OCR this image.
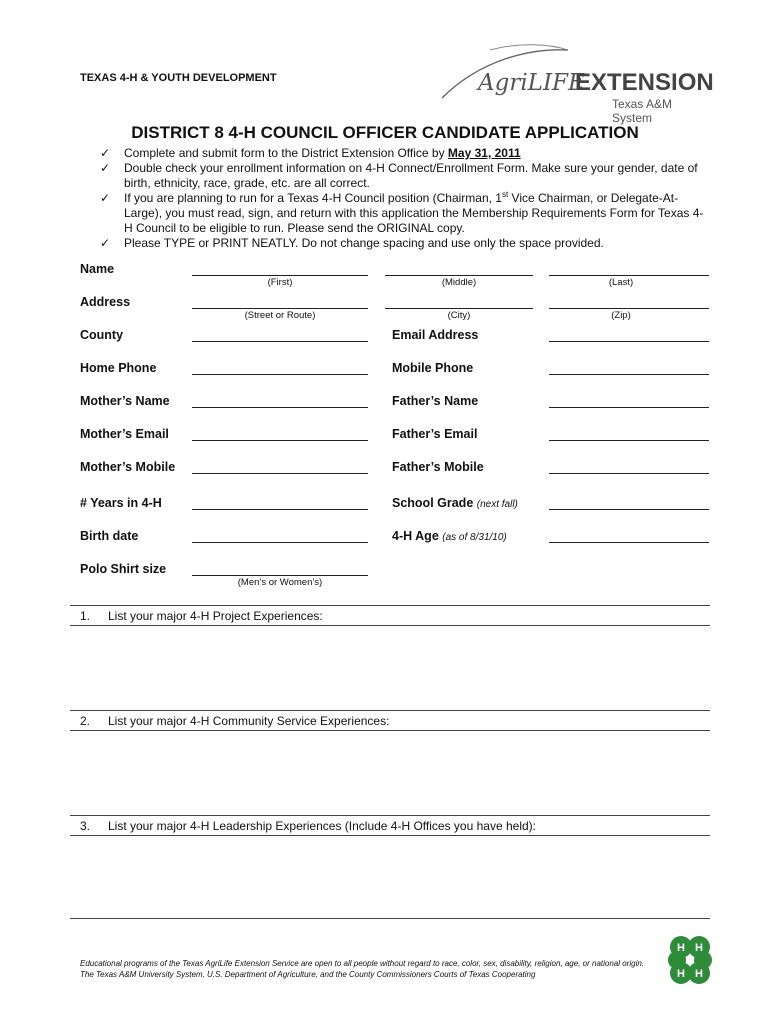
TEXAS 4-H & YOUTH DEVELOPMENT	AgriLIFE
EXTENSION
Texas A&M System
DISTRICT 8 4-H COUNCIL OFFICER CANDIDATE APPLICATION
✓ Complete and submit form to the District Extension Office by May 31, 2011
✓ Double check your enrollment information on 4-H Connect/Enrollment Form. Make sure your gender, date of birth, ethnicity, race, grade, etc. are all correct.
✓ If you are planning to run for a Texas 4-H Council position (Chairman, 1st Vice Chairman, or Delegate-At-Large), you must read, sign, and return with this application the Membership Requirements Form for Texas 4-H Council to be eligible to run. Please send the ORIGINAL copy.
✓ Please TYPE or PRINT NEATLY. Do not change spacing and use only the space provided.
Name
(First)	(Middle)	(Last)
Address
(Street or Route)	(City)	(Zip)
County	Email Address
Home Phone	Mobile Phone
Mother’s Name	Father’s Name
Mother’s Email	Father’s Email
Mother’s Mobile	Father’s Mobile
# Years in 4-H	School Grade (next fall)
Birth date	4-H Age (as of 8/31/10)
Polo Shirt size
(Men’s or Women’s)
1. List your major 4-H Project Experiences:
2. List your major 4-H Community Service Experiences:
3. List your major 4-H Leadership Experiences (Include 4-H Offices you have held):
Educational programs of the Texas AgriLife Extension Service are open to all people without regard to race, color, sex, disability, religion, age, or national origin.
The Texas A&M University System, U.S. Department of Agriculture, and the County Commissioners Courts of Texas Cooperating
H H
H H
